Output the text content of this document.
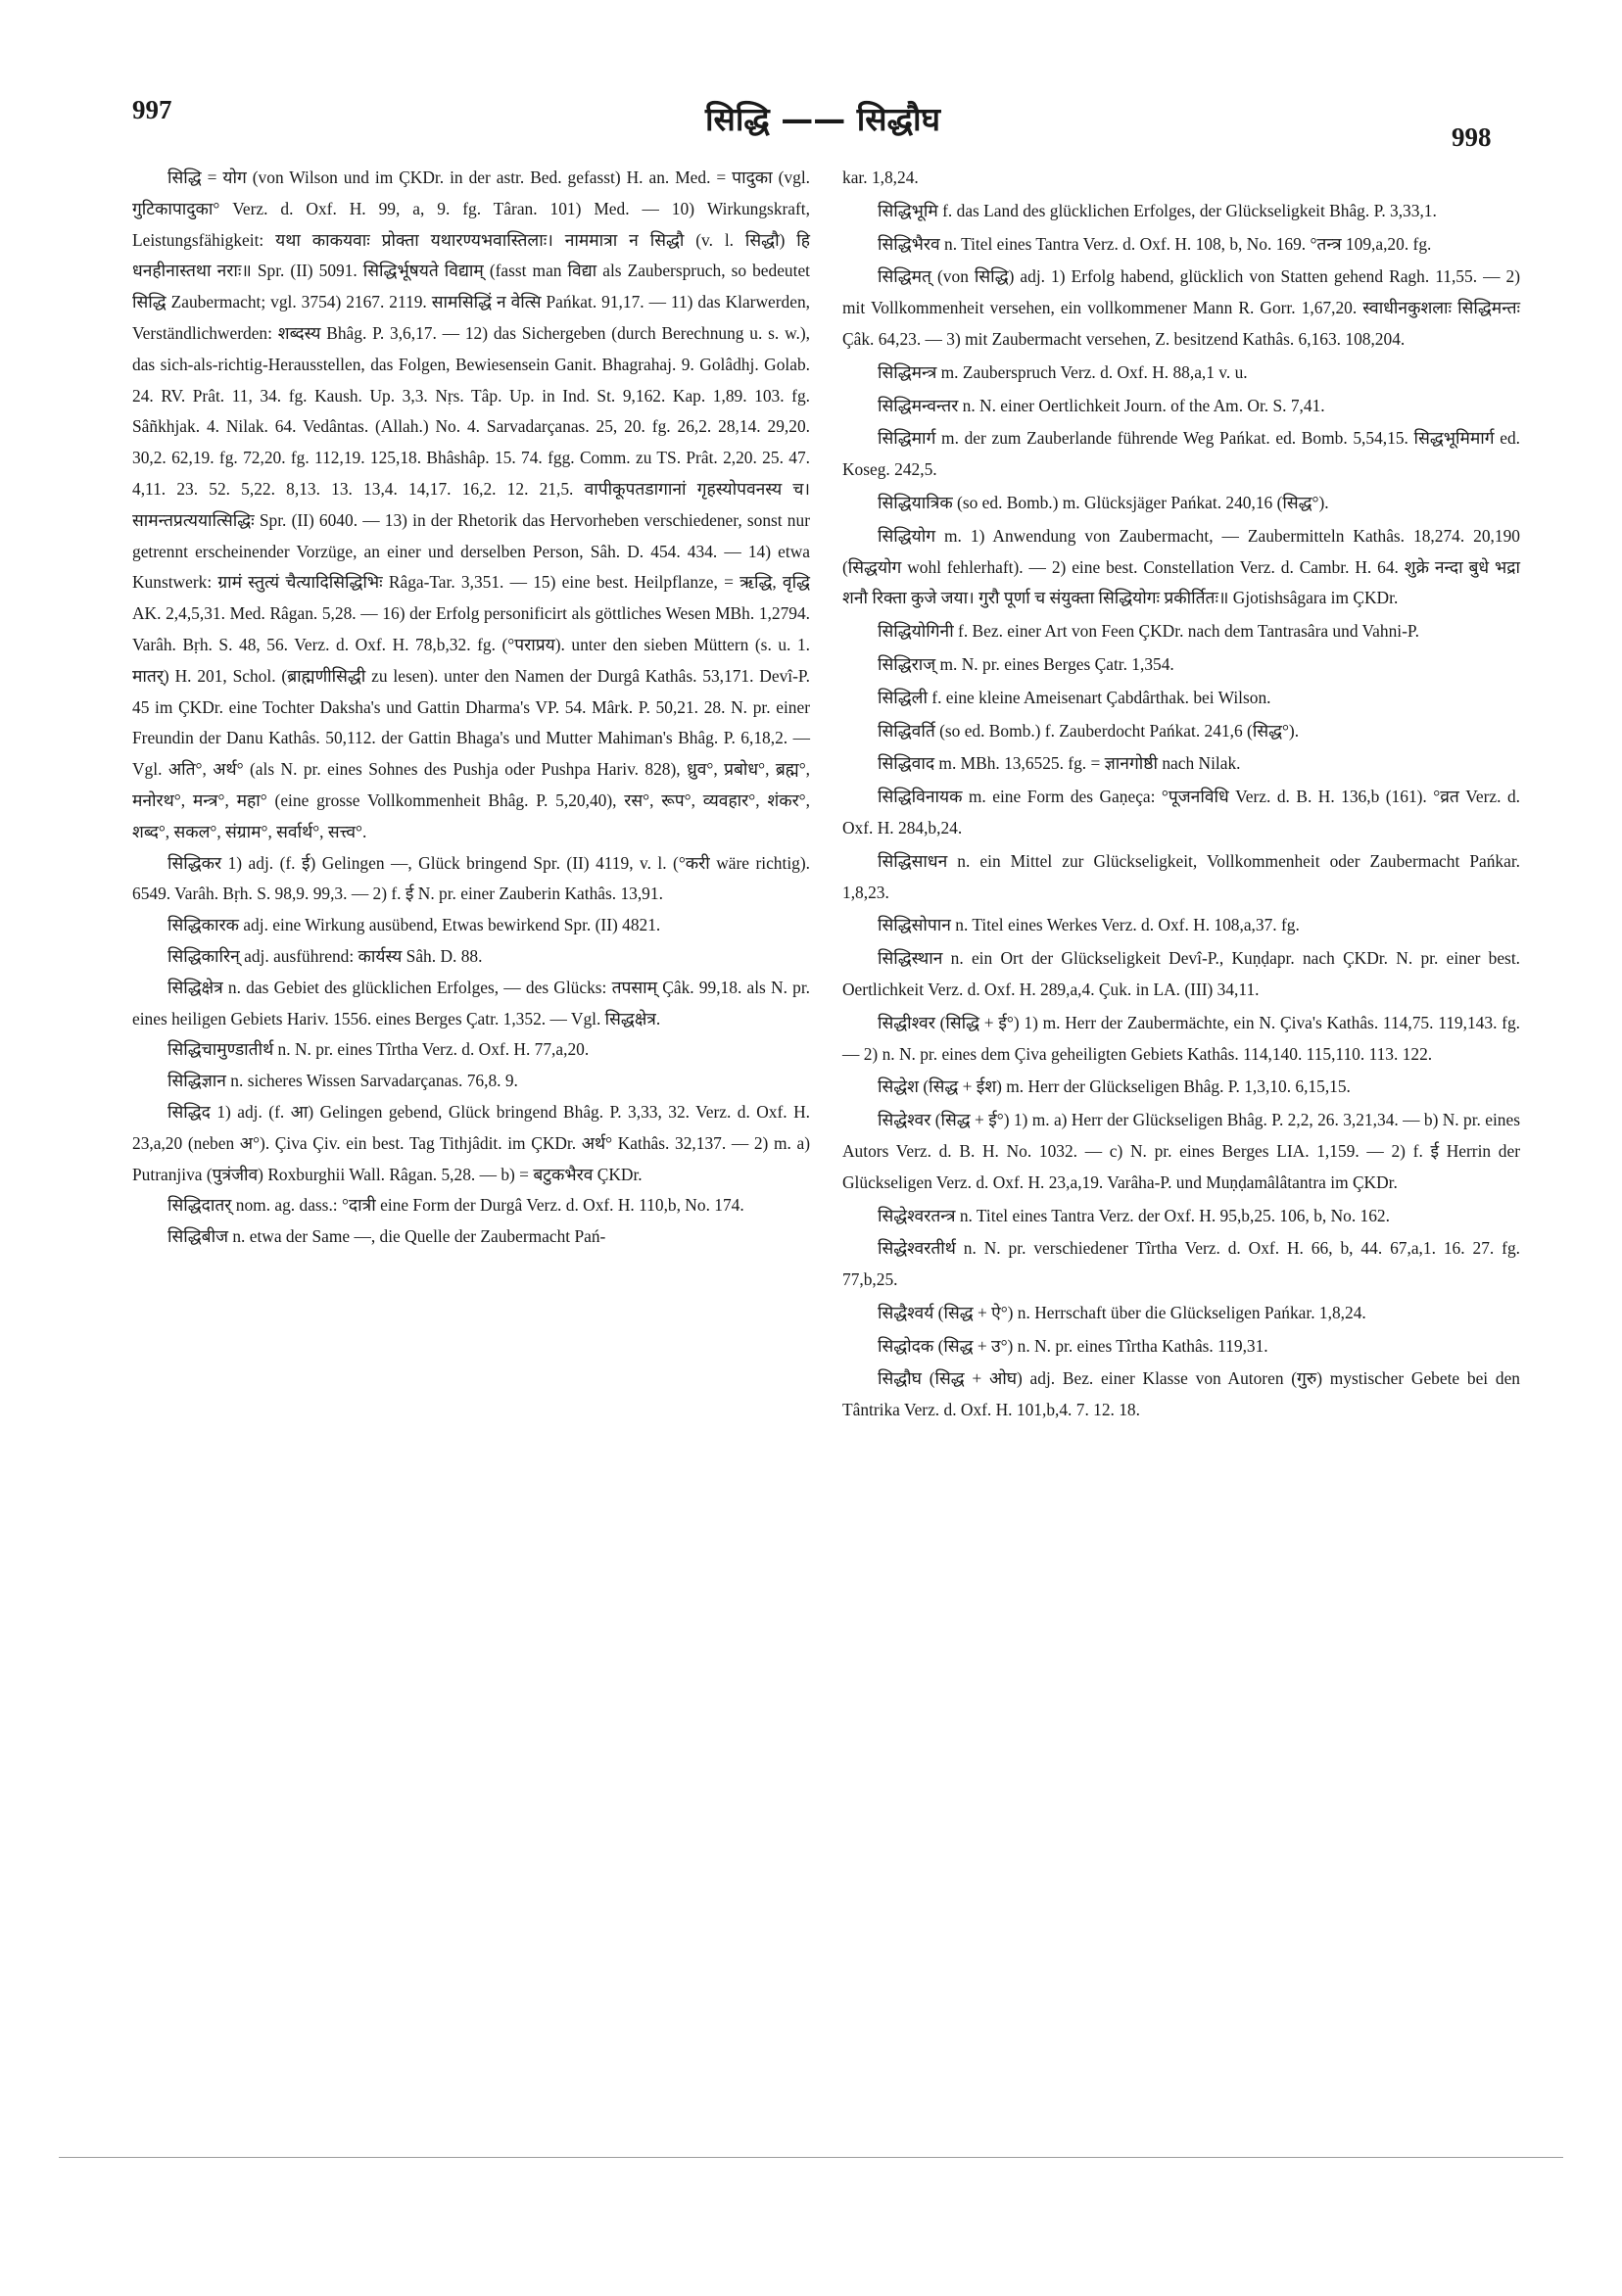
997	सिद्धि —— सिद्धौघ	998

सिद्धि = योग (von Wilson und im ÇKDr. in der astr. Bed. gefasst) H. an. Med. = पादुका (vgl. गुटिकापादुका° Verz. d. Oxf. H. 99, a, 9. fg. Târan. 101) Med. — 10) Wirkungskraft, Leistungsfähigkeit: यथा काकयवाः प्रोक्ता यथारण्यभवास्तिलाः। नाममात्रा न सिद्धौ (v. l. सिद्धौ) हि धनहीनास्तथा नराः॥ Spr. (II) 5091. सिद्धिर्भूषयते विद्याम् (fasst man विद्या als Zauberspruch, so bedeutet सिद्धि Zaubermacht; vgl. 3754) 2167. 2119. सामसिद्धिं न वेत्सि Pańkat. 91,17. — 11) das Klarwerden, Verständlichwerden: शब्दस्य Bhâg. P. 3,6,17. — 12) das Sichergeben (durch Berechnung u. s. w.), das sich-als-richtig-Herausstellen, das Folgen, Bewiesensein Ganit. Bhagrahaj. 9. Golâdhj. Golab. 24. RV. Prât. 11, 34. fg. Kaush. Up. 3,3. Nṛs. Tâp. Up. in Ind. St. 9,162. Kap. 1,89. 103. fg. Sâñkhjak. 4. Nilak. 64. Vedântas. (Allah.) No. 4. Sarvadarçanas. 25, 20. fg. 26,2. 28,14. 29,20. 30,2. 62,19. fg. 72,20. fg. 112,19. 125,18. Bhâshâp. 15. 74. fgg. Comm. zu TS. Prât. 2,20. 25. 47. 4,11. 23. 52. 5,22. 8,13. 13. 13,4. 14,17. 16,2. 12. 21,5. वापीकूपतडागानां गृहस्योपवनस्य च। सामन्तप्रत्ययात्सिद्धिः Spr. (II) 6040. — 13) in der Rhetorik das Hervorheben verschiedener, sonst nur getrennt erscheinender Vorzüge, an einer und derselben Person, Sâh. D. 454. 434. — 14) etwa Kunstwerk: ग्रामं स्तुत्यं चैत्यादिसिद्धिभिः Râga-Tar. 3,351. — 15) eine best. Heilpflanze, = ऋद्धि, वृद्धि AK. 2,4,5,31. Med. Râgan. 5,28. — 16) der Erfolg personificirt als göttliches Wesen MBh. 1,2794. Varâh. Bṛh. S. 48, 56. Verz. d. Oxf. H. 78,b,32. fg. (°पराप्रय). unter den sieben Müttern (s. u. 1. मातर्) H. 201, Schol. (ब्राह्मणीसिद्धी zu lesen). unter den Namen der Durgâ Kathâs. 53,171. Devî-P. 45 im ÇKDr. eine Tochter Daksha's und Gattin Dharma's VP. 54. Mârk. P. 50,21. 28. N. pr. einer Freundin der Danu Kathâs. 50,112. der Gattin Bhaga's und Mutter Mahiman's Bhâg. P. 6,18,2. — Vgl. अति°, अर्थ° (als N. pr. eines Sohnes des Pushja oder Pushpa Hariv. 828), ध्रुव°, प्रबोध°, ब्रह्म°, मनोरथ°, मन्त्र°, महा° (eine grosse Vollkommenheit Bhâg. P. 5,20,40), रस°, रूप°, व्यवहार°, शंकर°, शब्द°, सकल°, संग्राम°, सर्वार्थ°, सत्त्व°.

सिद्धिकर 1) adj. (f. ई) Gelingen —, Glück bringend Spr. (II) 4119, v. l. (°करी wäre richtig). 6549. Varâh. Bṛh. S. 98,9. 99,3. — 2) f. ई N. pr. einer Zauberin Kathâs. 13,91.

सिद्धिकारक adj. eine Wirkung ausübend, Etwas bewirkend Spr. (II) 4821.

सिद्धिकारिन् adj. ausführend: कार्यस्य Sâh. D. 88.

सिद्धिक्षेत्र n. das Gebiet des glücklichen Erfolges, — des Glücks: तपसाम् Çâk. 99,18. als N. pr. eines heiligen Gebiets Hariv. 1556. eines Berges Çatr. 1,352. — Vgl. सिद्धक्षेत्र.

सिद्धिचामुण्डातीर्थ n. N. pr. eines Tîrtha Verz. d. Oxf. H. 77,a,20.

सिद्धिज्ञान n. sicheres Wissen Sarvadarçanas. 76,8. 9.

सिद्धिद 1) adj. (f. आ) Gelingen gebend, Glück bringend Bhâg. P. 3,33, 32. Verz. d. Oxf. H. 23,a,20 (neben अ°). Çiva Çiv. ein best. Tag Tithjâdit. im ÇKDr. अर्थ° Kathâs. 32,137. — 2) m. a) Putranjiva (पुत्रंजीव) Roxburghii Wall. Râgan. 5,28. — b) = बटुकभैरव ÇKDr.

सिद्धिदातर् nom. ag. dass.: °दात्री eine Form der Durgâ Verz. d. Oxf. H. 110,b, No. 174.

सिद्धिबीज n. etwa der Same —, die Quelle der Zaubermacht Pań-

kar. 1,8,24.

सिद्धिभूमि f. das Land des glücklichen Erfolges, der Glückseligkeit Bhâg. P. 3,33,1.

सिद्धिभैरव n. Titel eines Tantra Verz. d. Oxf. H. 108, b, No. 169. °तन्त्र 109,a,20. fg.

सिद्धिमत् (von सिद्धि) adj. 1) Erfolg habend, glücklich von Statten gehend Ragh. 11,55. — 2) mit Vollkommenheit versehen, ein vollkommener Mann R. Gorr. 1,67,20. स्वाधीनकुशलाः सिद्धिमन्तः Çâk. 64,23. — 3) mit Zaubermacht versehen, Z. besitzend Kathâs. 6,163. 108,204.

सिद्धिमन्त्र m. Zauberspruch Verz. d. Oxf. H. 88,a,1 v. u.

सिद्धिमन्वन्तर n. N. einer Oertlichkeit Journ. of the Am. Or. S. 7,41.

सिद्धिमार्ग m. der zum Zauberlande führende Weg Pańkat. ed. Bomb. 5,54,15. सिद्धभूमिमार्ग ed. Koseg. 242,5.

सिद्धियात्रिक (so ed. Bomb.) m. Glücksjäger Pańkat. 240,16 (सिद्ध°).

सिद्धियोग m. 1) Anwendung von Zaubermacht, — Zaubermitteln Kathâs. 18,274. 20,190 (सिद्धयोग wohl fehlerhaft). — 2) eine best. Constellation Verz. d. Cambr. H. 64. शुक्रे नन्दा बुधे भद्रा शनौ रिक्ता कुजे जया। गुरौ पूर्णा च संयुक्ता सिद्धियोगः प्रकीर्तितः॥ Gjotishsâgara im ÇKDr.

सिद्धियोगिनी f. Bez. einer Art von Feen ÇKDr. nach dem Tantrasâra und Vahni-P.

सिद्धिराज् m. N. pr. eines Berges Çatr. 1,354.

सिद्धिली f. eine kleine Ameisenart Çabdârthak. bei Wilson.

सिद्धिवर्ति (so ed. Bomb.) f. Zauberdocht Pańkat. 241,6 (सिद्ध°).

सिद्धिवाद m. MBh. 13,6525. fg. = ज्ञानगोष्ठी nach Nilak.

सिद्धिविनायक m. eine Form des Gaṇeça: °पूजनविधि Verz. d. B. H. 136,b (161). °व्रत Verz. d. Oxf. H. 284,b,24.

सिद्धिसाधन n. ein Mittel zur Glückseligkeit, Vollkommenheit oder Zaubermacht Pańkar. 1,8,23.

सिद्धिसोपान n. Titel eines Werkes Verz. d. Oxf. H. 108,a,37. fg.

सिद्धिस्थान n. ein Ort der Glückseligkeit Devî-P., Kuṇḍapr. nach ÇKDr. N. pr. einer best. Oertlichkeit Verz. d. Oxf. H. 289,a,4. Çuk. in LA. (III) 34,11.

सिद्धीश्वर (सिद्धि + ई°) 1) m. Herr der Zaubermächte, ein N. Çiva's Kathâs. 114,75. 119,143. fg. — 2) n. N. pr. eines dem Çiva geheiligten Gebiets Kathâs. 114,140. 115,110. 113. 122.

सिद्धेश (सिद्ध + ईश) m. Herr der Glückseligen Bhâg. P. 1,3,10. 6,15,15.

सिद्धेश्वर (सिद्ध + ई°) 1) m. a) Herr der Glückseligen Bhâg. P. 2,2, 26. 3,21,34. — b) N. pr. eines Autors Verz. d. B. H. No. 1032. — c) N. pr. eines Berges LIA. 1,159. — 2) f. ई Herrin der Glückseligen Verz. d. Oxf. H. 23,a,19. Varâha-P. und Muṇḍamâlâtantra im ÇKDr.

सिद्धेश्वरतन्त्र n. Titel eines Tantra Verz. der Oxf. H. 95,b,25. 106, b, No. 162.

सिद्धेश्वरतीर्थ n. N. pr. verschiedener Tîrtha Verz. d. Oxf. H. 66, b, 44. 67,a,1. 16. 27. fg. 77,b,25.

सिद्धैश्वर्य (सिद्ध + ऐ°) n. Herrschaft über die Glückseligen Pańkar. 1,8,24.

सिद्धोदक (सिद्ध + उ°) n. N. pr. eines Tîrtha Kathâs. 119,31.

सिद्धौघ (सिद्ध + ओघ) adj. Bez. einer Klasse von Autoren (गुरु) mystischer Gebete bei den Tântrika Verz. d. Oxf. H. 101,b,4. 7. 12. 18.
